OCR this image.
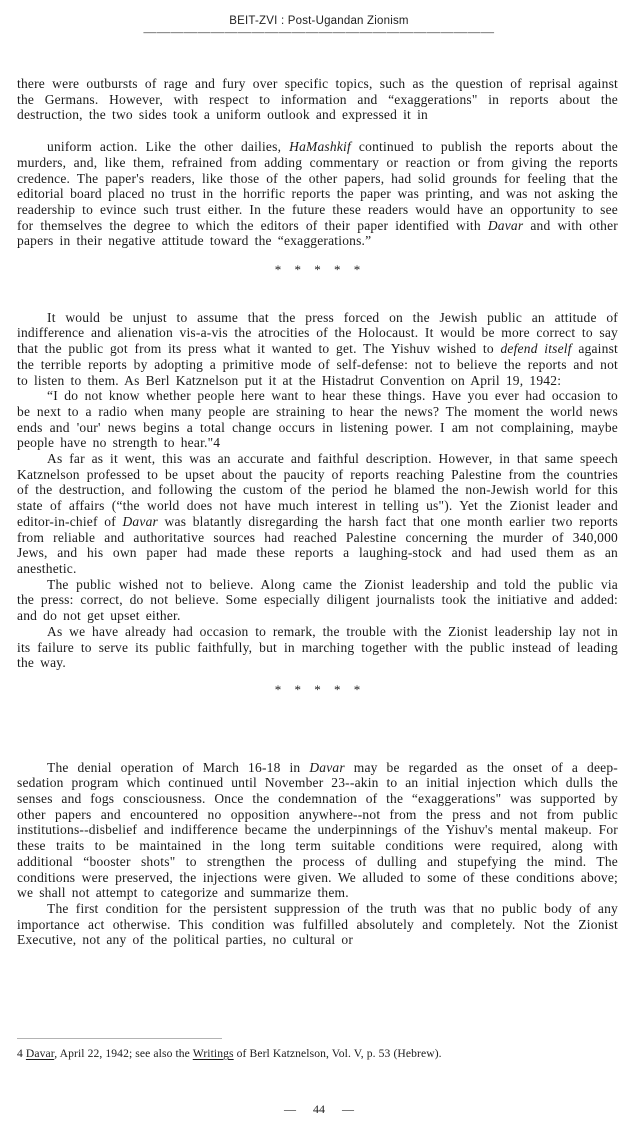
BEIT-ZVI : Post-Ugandan Zionism
——————————————————————————

there were outbursts of rage and fury over specific topics, such as the question of reprisal against the Germans. However, with respect to information and “exaggerations" in reports about the destruction, the two sides took a uniform outlook and expressed it in

uniform action. Like the other dailies, HaMashkif continued to publish the reports about the murders, and, like them, refrained from adding commentary or reaction or from giving the reports credence. The paper's readers, like those of the other papers, had solid grounds for feeling that the editorial board placed no trust in the horrific reports the paper was printing, and was not asking the readership to evince such trust either. In the future these readers would have an opportunity to see for themselves the degree to which the editors of their paper identified with Davar and with other papers in their negative attitude toward the “exaggerations.”

* * * * *

It would be unjust to assume that the press forced on the Jewish public an attitude of indifference and alienation vis-a-vis the atrocities of the Holocaust. It would be more correct to say that the public got from its press what it wanted to get. The Yishuv wished to defend itself against the terrible reports by adopting a primitive mode of self-defense: not to believe the reports and not to listen to them. As Berl Katznelson put it at the Histadrut Convention on April 19, 1942:

“I do not know whether people here want to hear these things. Have you ever had occasion to be next to a radio when many people are straining to hear the news? The moment the world news ends and 'our' news begins a total change occurs in listening power. I am not complaining, maybe people have no strength to hear."4

As far as it went, this was an accurate and faithful description. However, in that same speech Katznelson professed to be upset about the paucity of reports reaching Palestine from the countries of the destruction, and following the custom of the period he blamed the non-Jewish world for this state of affairs (“the world does not have much interest in telling us"). Yet the Zionist leader and editor-in-chief of Davar was blatantly disregarding the harsh fact that one month earlier two reports from reliable and authoritative sources had reached Palestine concerning the murder of 340,000 Jews, and his own paper had made these reports a laughing-stock and had used them as an anesthetic.

The public wished not to believe. Along came the Zionist leadership and told the public via the press: correct, do not believe. Some especially diligent journalists took the initiative and added: and do not get upset either.

As we have already had occasion to remark, the trouble with the Zionist leadership lay not in its failure to serve its public faithfully, but in marching together with the public instead of leading the way.

* * * * *

The denial operation of March 16-18 in Davar may be regarded as the onset of a deep-sedation program which continued until November 23--akin to an initial injection which dulls the senses and fogs consciousness. Once the condemnation of the “exaggerations" was supported by other papers and encountered no opposition anywhere--not from the press and not from public institutions--disbelief and indifference became the underpinnings of the Yishuv's mental makeup. For these traits to be maintained in the long term suitable conditions were required, along with additional “booster shots" to strengthen the process of dulling and stupefying the mind. The conditions were preserved, the injections were given. We alluded to some of these conditions above; we shall not attempt to categorize and summarize them.

The first condition for the persistent suppression of the truth was that no public body of any importance act otherwise. This condition was fulfilled absolutely and completely. Not the Zionist Executive, not any of the political parties, no cultural or

4 Davar, April 22, 1942; see also the Writings of Berl Katznelson, Vol. V, p. 53 (Hebrew).

— 44 —
